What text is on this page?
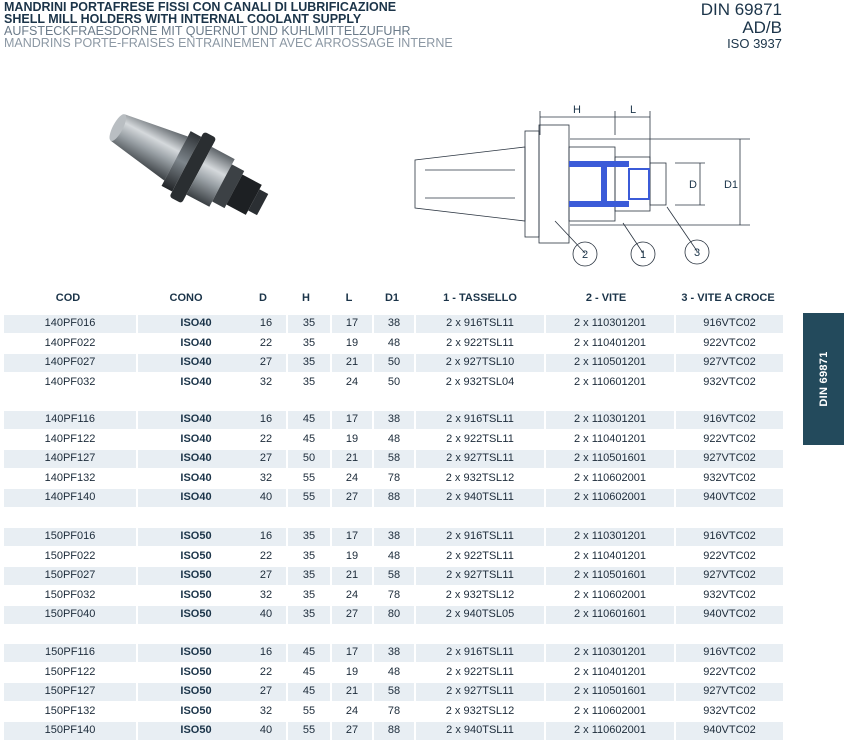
MANDRINI PORTAFRESE FISSI CON CANALI DI LUBRIFICAZIONE
SHELL MILL HOLDERS WITH INTERNAL COOLANT SUPPLY
AUFSTECKFRAESDORNE MIT QUERNUT UND KUHLMITTELZUFUHR
MANDRINS PORTE-FRAISES ENTRAINEMENT AVEC ARROSSAGE INTERNE
DIN 69871
AD/B
ISO 3937
H	L
D D1
2	1	3
DIN 69871
COD	CONO	D	H	L	D1	1 - TASSELLO	2 - VITE	3 - VITE A CROCE
140PF016	ISO40	16	35	17	38	2 x 916TSL11	2 x 110301201	916VTC02
140PF022	ISO40	22	35	19	48	2 x 922TSL11	2 x 110401201	922VTC02
140PF027	ISO40	27	35	21	50	2 x 927TSL10	2 x 110501201	927VTC02
140PF032	ISO40	32	35	24	50	2 x 932TSL04	2 x 110601201	932VTC02
140PF116	ISO40	16	45	17	38	2 x 916TSL11	2 x 110301201	916VTC02
140PF122	ISO40	22	45	19	48	2 x 922TSL11	2 x 110401201	922VTC02
140PF127	ISO40	27	50	21	58	2 x 927TSL11	2 x 110501601	927VTC02
140PF132	ISO40	32	55	24	78	2 x 932TSL12	2 x 110602001	932VTC02
140PF140	ISO40	40	55	27	88	2 x 940TSL11	2 x 110602001	940VTC02
150PF016	ISO50	16	35	17	38	2 x 916TSL11	2 x 110301201	916VTC02
150PF022	ISO50	22	35	19	48	2 x 922TSL11	2 x 110401201	922VTC02
150PF027	ISO50	27	35	21	58	2 x 927TSL11	2 x 110501601	927VTC02
150PF032	ISO50	32	35	24	78	2 x 932TSL12	2 x 110602001	932VTC02
150PF040	ISO50	40	35	27	80	2 x 940TSL05	2 x 110601601	940VTC02
150PF116	ISO50	16	45	17	38	2 x 916TSL11	2 x 110301201	916VTC02
150PF122	ISO50	22	45	19	48	2 x 922TSL11	2 x 110401201	922VTC02
150PF127	ISO50	27	45	21	58	2 x 927TSL11	2 x 110501601	927VTC02
150PF132	ISO50	32	55	24	78	2 x 932TSL12	2 x 110602001	932VTC02
150PF140	ISO50	40	55	27	88	2 x 940TSL11	2 x 110602001	940VTC02
